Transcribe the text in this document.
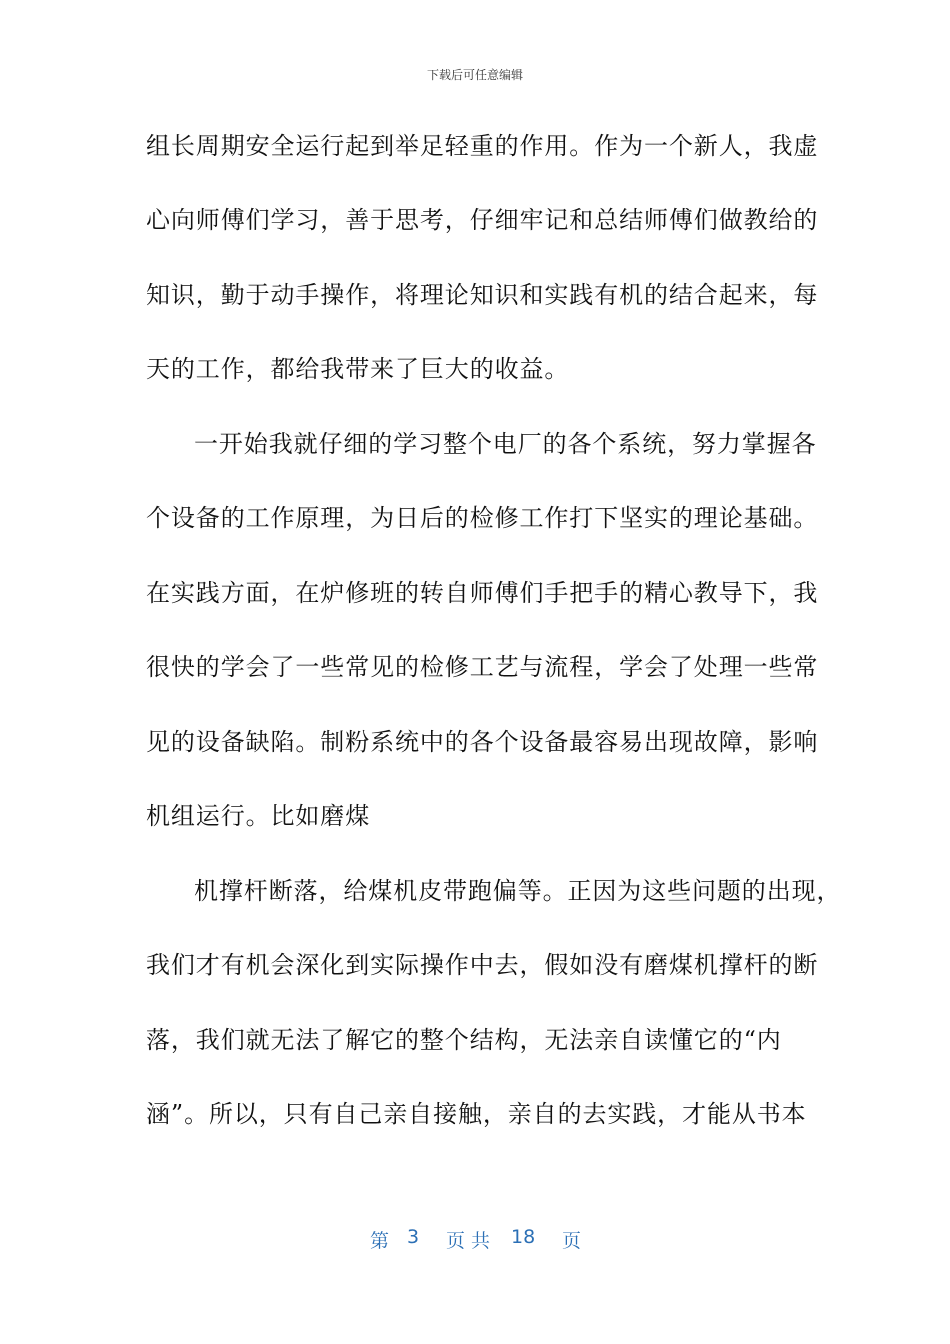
下载后可任意编辑
组长周期安全运行起到举足轻重的作用。作为一个新人，我虚
心向师傅们学习，善于思考，仔细牢记和总结师傅们做教给的
知识，勤于动手操作，将理论知识和实践有机的结合起来，每
天的工作，都给我带来了巨大的收益。
一开始我就仔细的学习整个电厂的各个系统，努力掌握各
个设备的工作原理，为日后的检修工作打下坚实的理论基础。
在实践方面，在炉修班的转自师傅们手把手的精心教导下，我
很快的学会了一些常见的检修工艺与流程，学会了处理一些常
见的设备缺陷。制粉系统中的各个设备最容易出现故障，影响
机组运行。比如磨煤
机撑杆断落，给煤机皮带跑偏等。正因为这些问题的出现，
我们才有机会深化到实际操作中去，假如没有磨煤机撑杆的断
落，我们就无法了解它的整个结构，无法亲自读懂它的“内
涵”。所以，只有自己亲自接触，亲自的去实践，才能从书本
第 3 页 共 18 页
